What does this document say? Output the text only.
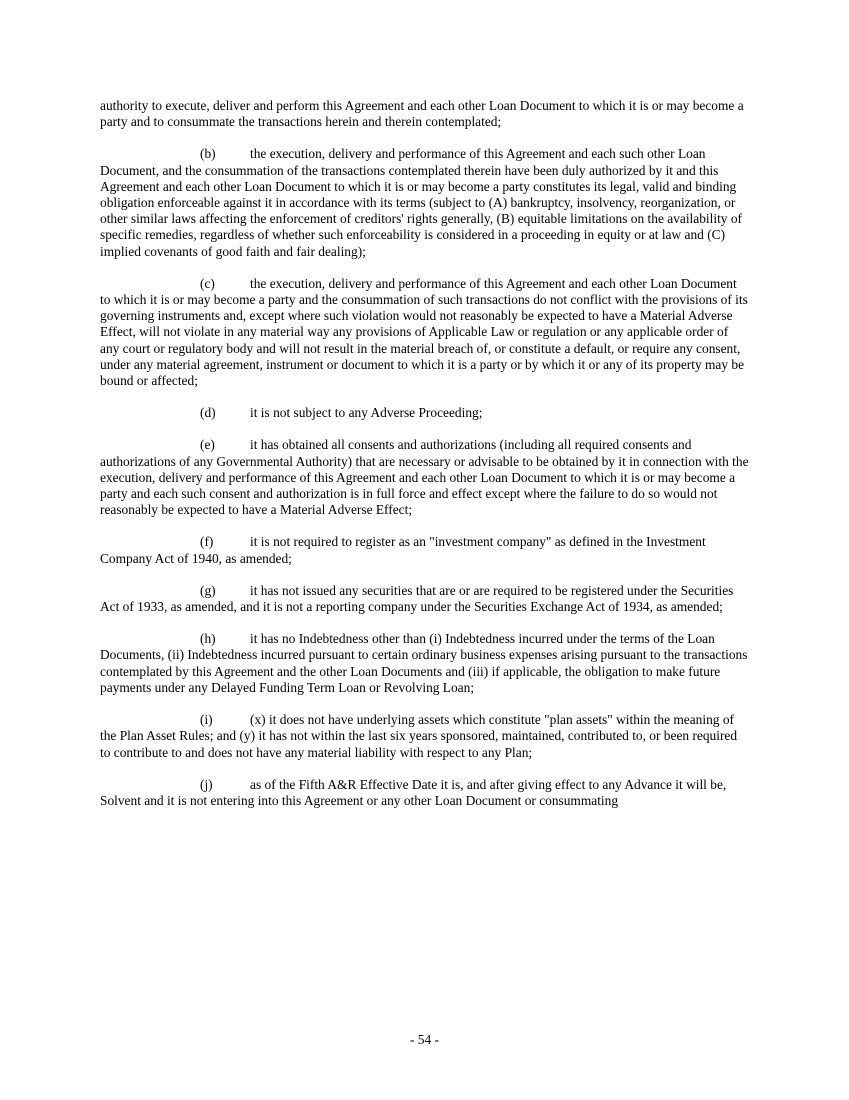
authority to execute, deliver and perform this Agreement and each other Loan Document to which it is or may become a party and to consummate the transactions herein and therein contemplated;

(b)	the execution, delivery and performance of this Agreement and each such other Loan Document, and the consummation of the transactions contemplated therein have been duly authorized by it and this Agreement and each other Loan Document to which it is or may become a party constitutes its legal, valid and binding obligation enforceable against it in accordance with its terms (subject to (A) bankruptcy, insolvency, reorganization, or other similar laws affecting the enforcement of creditors' rights generally, (B) equitable limitations on the availability of specific remedies, regardless of whether such enforceability is considered in a proceeding in equity or at law and (C) implied covenants of good faith and fair dealing);

(c)	the execution, delivery and performance of this Agreement and each other Loan Document to which it is or may become a party and the consummation of such transactions do not conflict with the provisions of its governing instruments and, except where such violation would not reasonably be expected to have a Material Adverse Effect, will not violate in any material way any provisions of Applicable Law or regulation or any applicable order of any court or regulatory body and will not result in the material breach of, or constitute a default, or require any consent, under any material agreement, instrument or document to which it is a party or by which it or any of its property may be bound or affected;

(d)	it is not subject to any Adverse Proceeding;

(e)	it has obtained all consents and authorizations (including all required consents and authorizations of any Governmental Authority) that are necessary or advisable to be obtained by it in connection with the execution, delivery and performance of this Agreement and each other Loan Document to which it is or may become a party and each such consent and authorization is in full force and effect except where the failure to do so would not reasonably be expected to have a Material Adverse Effect;

(f)	it is not required to register as an "investment company" as defined in the Investment Company Act of 1940, as amended;

(g)	it has not issued any securities that are or are required to be registered under the Securities Act of 1933, as amended, and it is not a reporting company under the Securities Exchange Act of 1934, as amended;

(h)	it has no Indebtedness other than (i) Indebtedness incurred under the terms of the Loan Documents, (ii) Indebtedness incurred pursuant to certain ordinary business expenses arising pursuant to the transactions contemplated by this Agreement and the other Loan Documents and (iii) if applicable, the obligation to make future payments under any Delayed Funding Term Loan or Revolving Loan;

(i)	(x) it does not have underlying assets which constitute "plan assets" within the meaning of the Plan Asset Rules; and (y) it has not within the last six years sponsored, maintained, contributed to, or been required to contribute to and does not have any material liability with respect to any Plan;

(j)	as of the Fifth A&R Effective Date it is, and after giving effect to any Advance it will be, Solvent and it is not entering into this Agreement or any other Loan Document or consummating

- 54 -
